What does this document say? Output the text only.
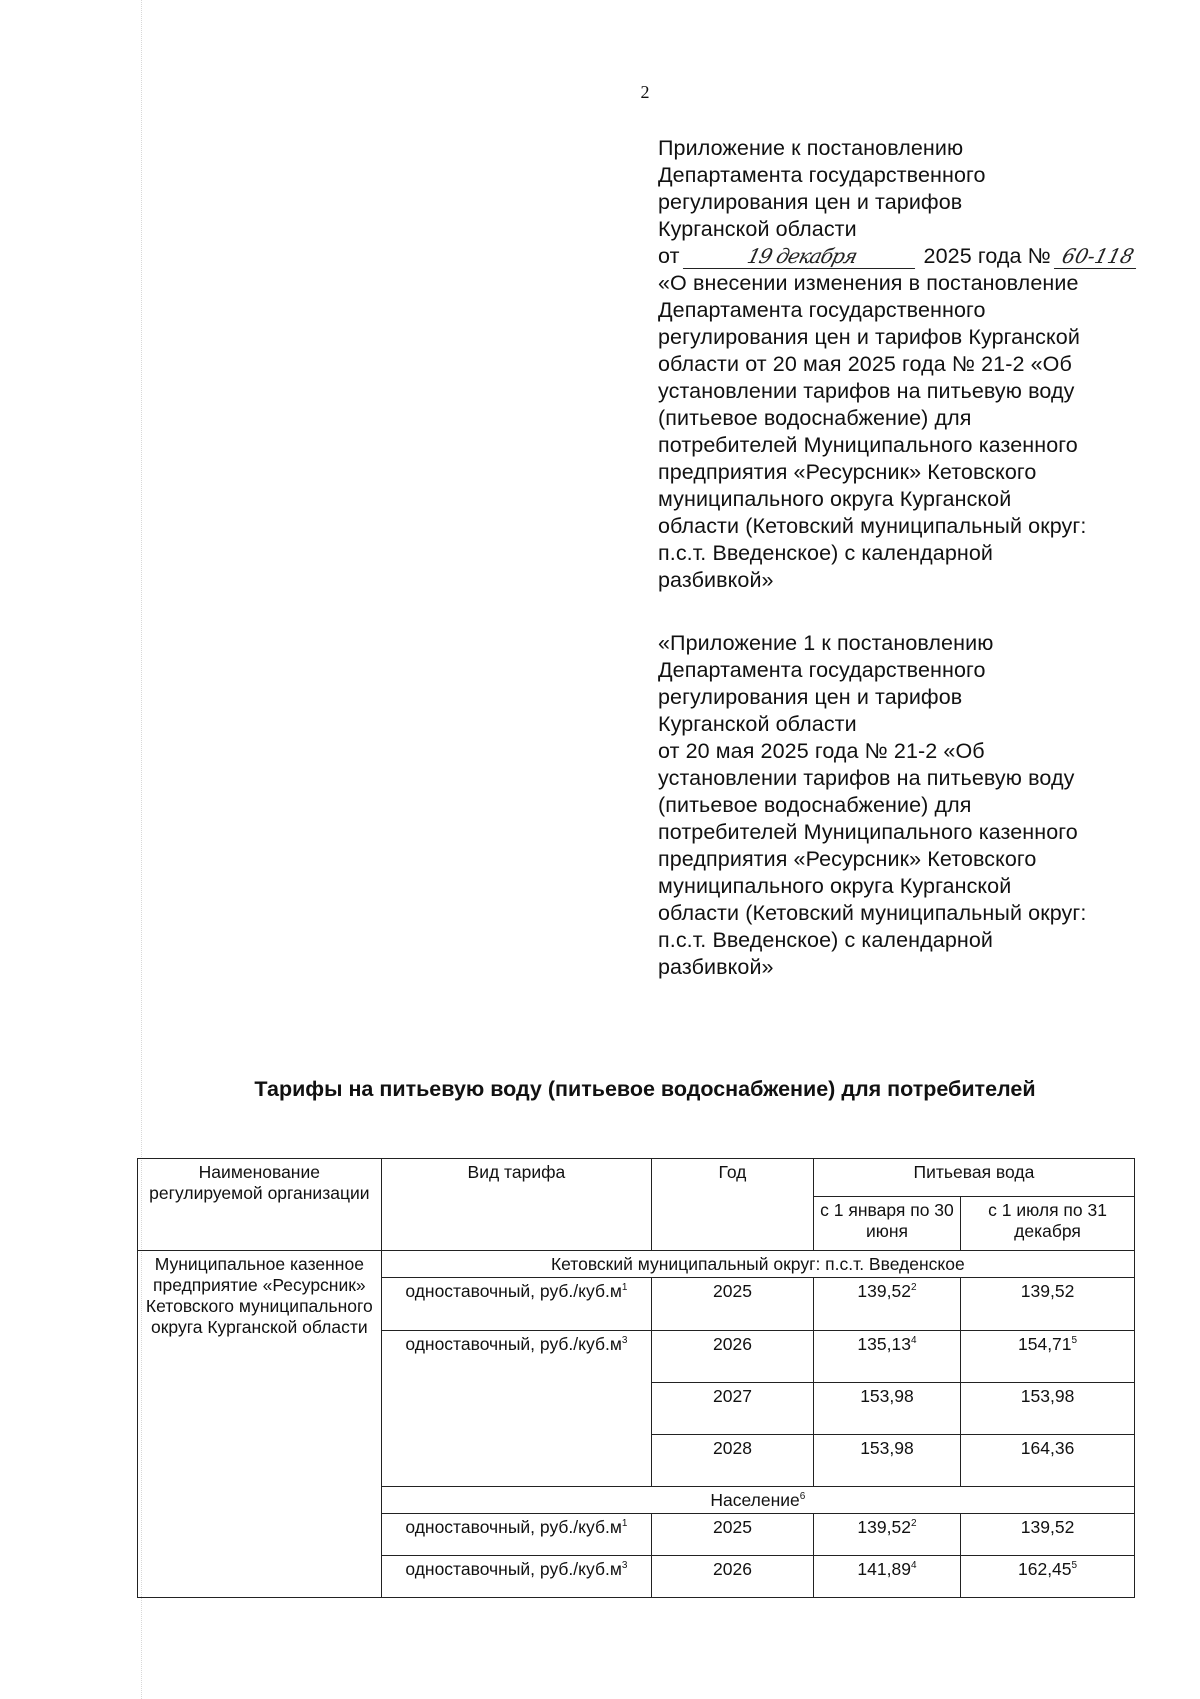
2
Приложение к постановлению
Департамента государственного
регулирования цен и тарифов
Курганской области
от	19 декабря	2025 года № 60-118
«О внесении изменения в постановление
Департамента государственного
регулирования цен и тарифов Курганской
области от 20 мая 2025 года № 21-2 «Об
установлении тарифов на питьевую воду
(питьевое водоснабжение) для
потребителей Муниципального казенного
предприятия «Ресурсник» Кетовского
муниципального округа Курганской
области (Кетовский муниципальный округ:
п.с.т. Введенское) с календарной
разбивкой»
«Приложение 1 к постановлению
Департамента государственного
регулирования цен и тарифов
Курганской области
от 20 мая 2025 года № 21-2 «Об
установлении тарифов на питьевую воду
(питьевое водоснабжение) для
потребителей Муниципального казенного
предприятия «Ресурсник» Кетовского
муниципального округа Курганской
области (Кетовский муниципальный округ:
п.с.т. Введенское) с календарной
разбивкой»
Тарифы на питьевую воду (питьевое водоснабжение) для потребителей
Наименование регулируемой организации	Вид тарифа	Год	Питьевая вода	
			с 1 января по 30 июня	с 1 июля по 31 декабря
Муниципальное казенное предприятие «Ресурсник» Кетовского муниципального округа Курганской области	Кетовский муниципальный округ: п.с.т. Введенское			
	одноставочный, $руб./куб.м^1$	2025	139,52$^2$	139,52
	одноставочный, $руб./куб.м^3$	2026	135,13$^4$	154,71$^5$
		2027	153,98	153,98
		2028	153,98	164,36
	Население$^6$
	одноставочный, $руб./куб.м^1$	2025	139,52$^2$	139,52
	одноставочный, $руб./куб.м^3$	2026	141,89$^4$	162,45$^5$
